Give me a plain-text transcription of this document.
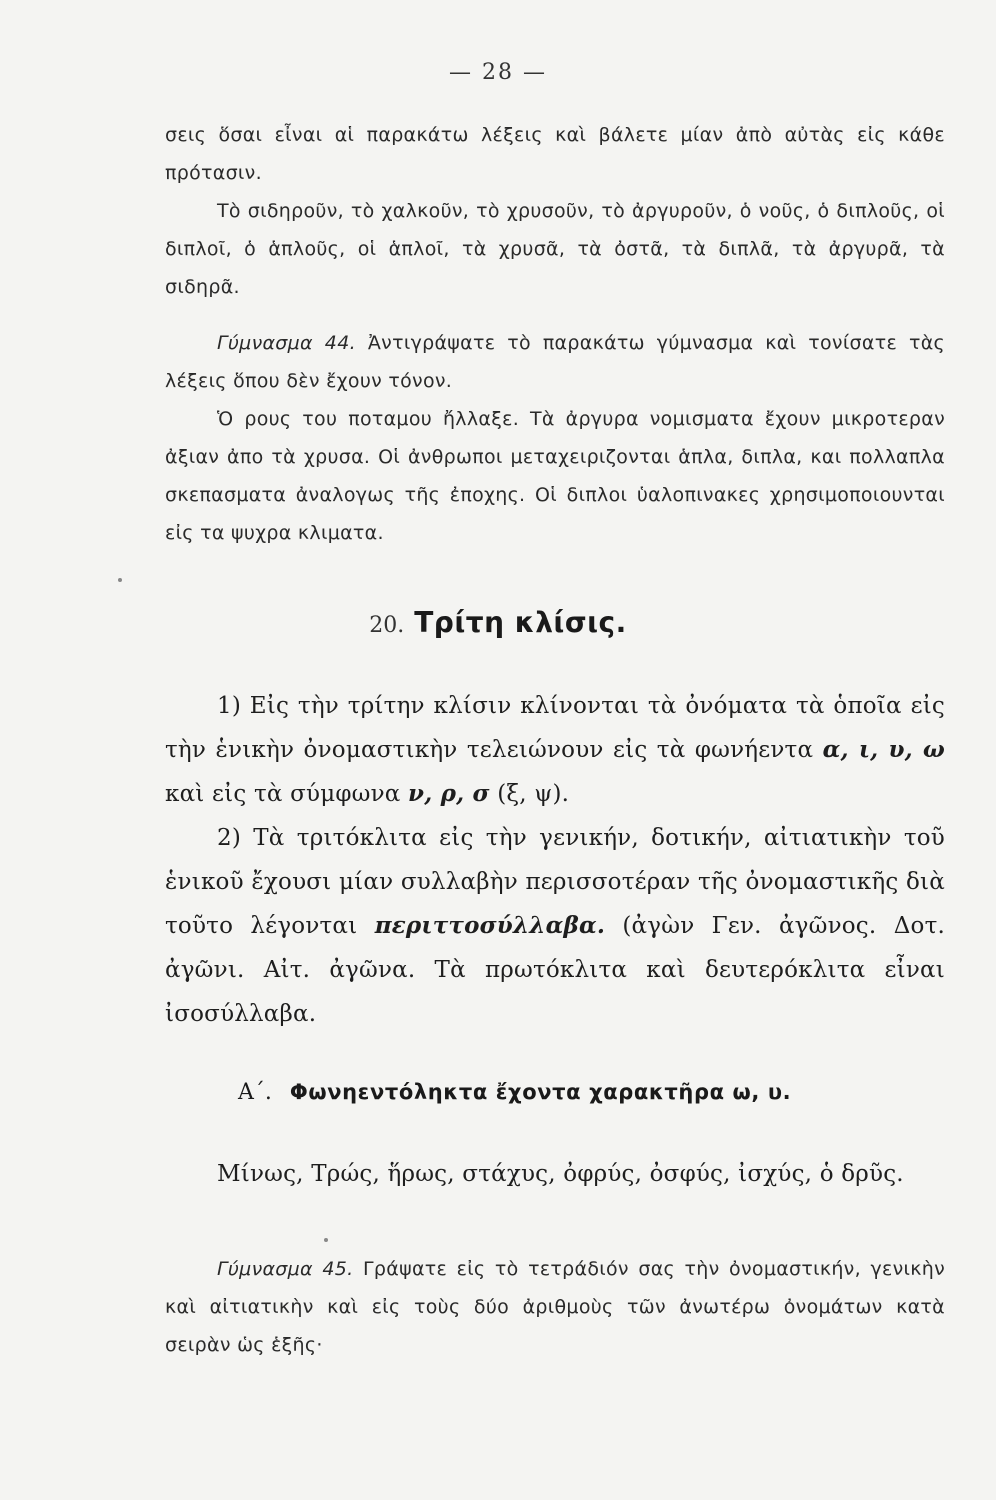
— 28 —

σεις ὅσαι εἶναι αἱ παρακάτω λέξεις καὶ βάλετε μίαν ἀπὸ αὐτὰς εἰς κάθε πρότασιν.

Τὸ σιδηροῦν, τὸ χαλκοῦν, τὸ χρυσοῦν, τὸ ἀργυροῦν, ὁ νοῦς, ὁ διπλοῦς, οἱ διπλοῖ, ὁ ἁπλοῦς, οἱ ἁπλοῖ, τὰ χρυσᾶ, τὰ ὀστᾶ, τὰ διπλᾶ, τὰ ἀργυρᾶ, τὰ σιδηρᾶ.

Γύμνασμα 44. Ἀντιγράψατε τὸ παρακάτω γύμνασμα καὶ τονίσατε τὰς λέξεις ὅπου δὲν ἔχουν τόνον.

Ὁ ρους του ποταμου ἤλλαξε. Τὰ ἀργυρα νομισματα ἔχουν μικροτεραν ἀξιαν ἀπο τὰ χρυσα. Οἱ ἀνθρωποι μεταχειριζονται ἁπλα, διπλα, και πολλαπλα σκεπασματα ἀναλογως τῆς ἐποχης. Οἱ διπλοι ὑαλοπινακες χρησιμοποιουνται εἰς τα ψυχρα κλιματα.

20. Τρίτη κλίσις.

1) Εἰς τὴν τρίτην κλίσιν κλίνονται τὰ ὀνόματα τὰ ὁποῖα εἰς τὴν ἑνικὴν ὀνομαστικὴν τελειώνουν εἰς τὰ φωνήεντα α, ι, υ, ω καὶ εἰς τὰ σύμφωνα ν, ρ, σ (ξ, ψ).

2) Τὰ τριτόκλιτα εἰς τὴν γενικήν, δοτικήν, αἰτιατικὴν τοῦ ἑνικοῦ ἔχουσι μίαν συλλαβὴν περισσοτέραν τῆς ὀνομαστικῆς διὰ τοῦτο λέγονται περιττοσύλλαβα. (ἀγὼν Γεν. ἀγῶνος. Δοτ. ἀγῶνι. Αἰτ. ἀγῶνα. Τὰ πρωτόκλιτα καὶ δευτερόκλιτα εἶναι ἰσοσύλλαβα.

Α΄. Φωνηεντόληκτα ἔχοντα χαρακτῆρα ω, υ.

Μίνως, Τρώς, ἥρως, στάχυς, ὀφρύς, ὀσφύς, ἰσχύς, ὁ δρῦς.

Γύμνασμα 45. Γράψατε εἰς τὸ τετράδιόν σας τὴν ὀνομαστικήν, γενικὴν καὶ αἰτιατικὴν καὶ εἰς τοὺς δύο ἀριθμοὺς τῶν ἀνωτέρω ὀνομάτων κατὰ σειρὰν ὡς ἑξῆς·
